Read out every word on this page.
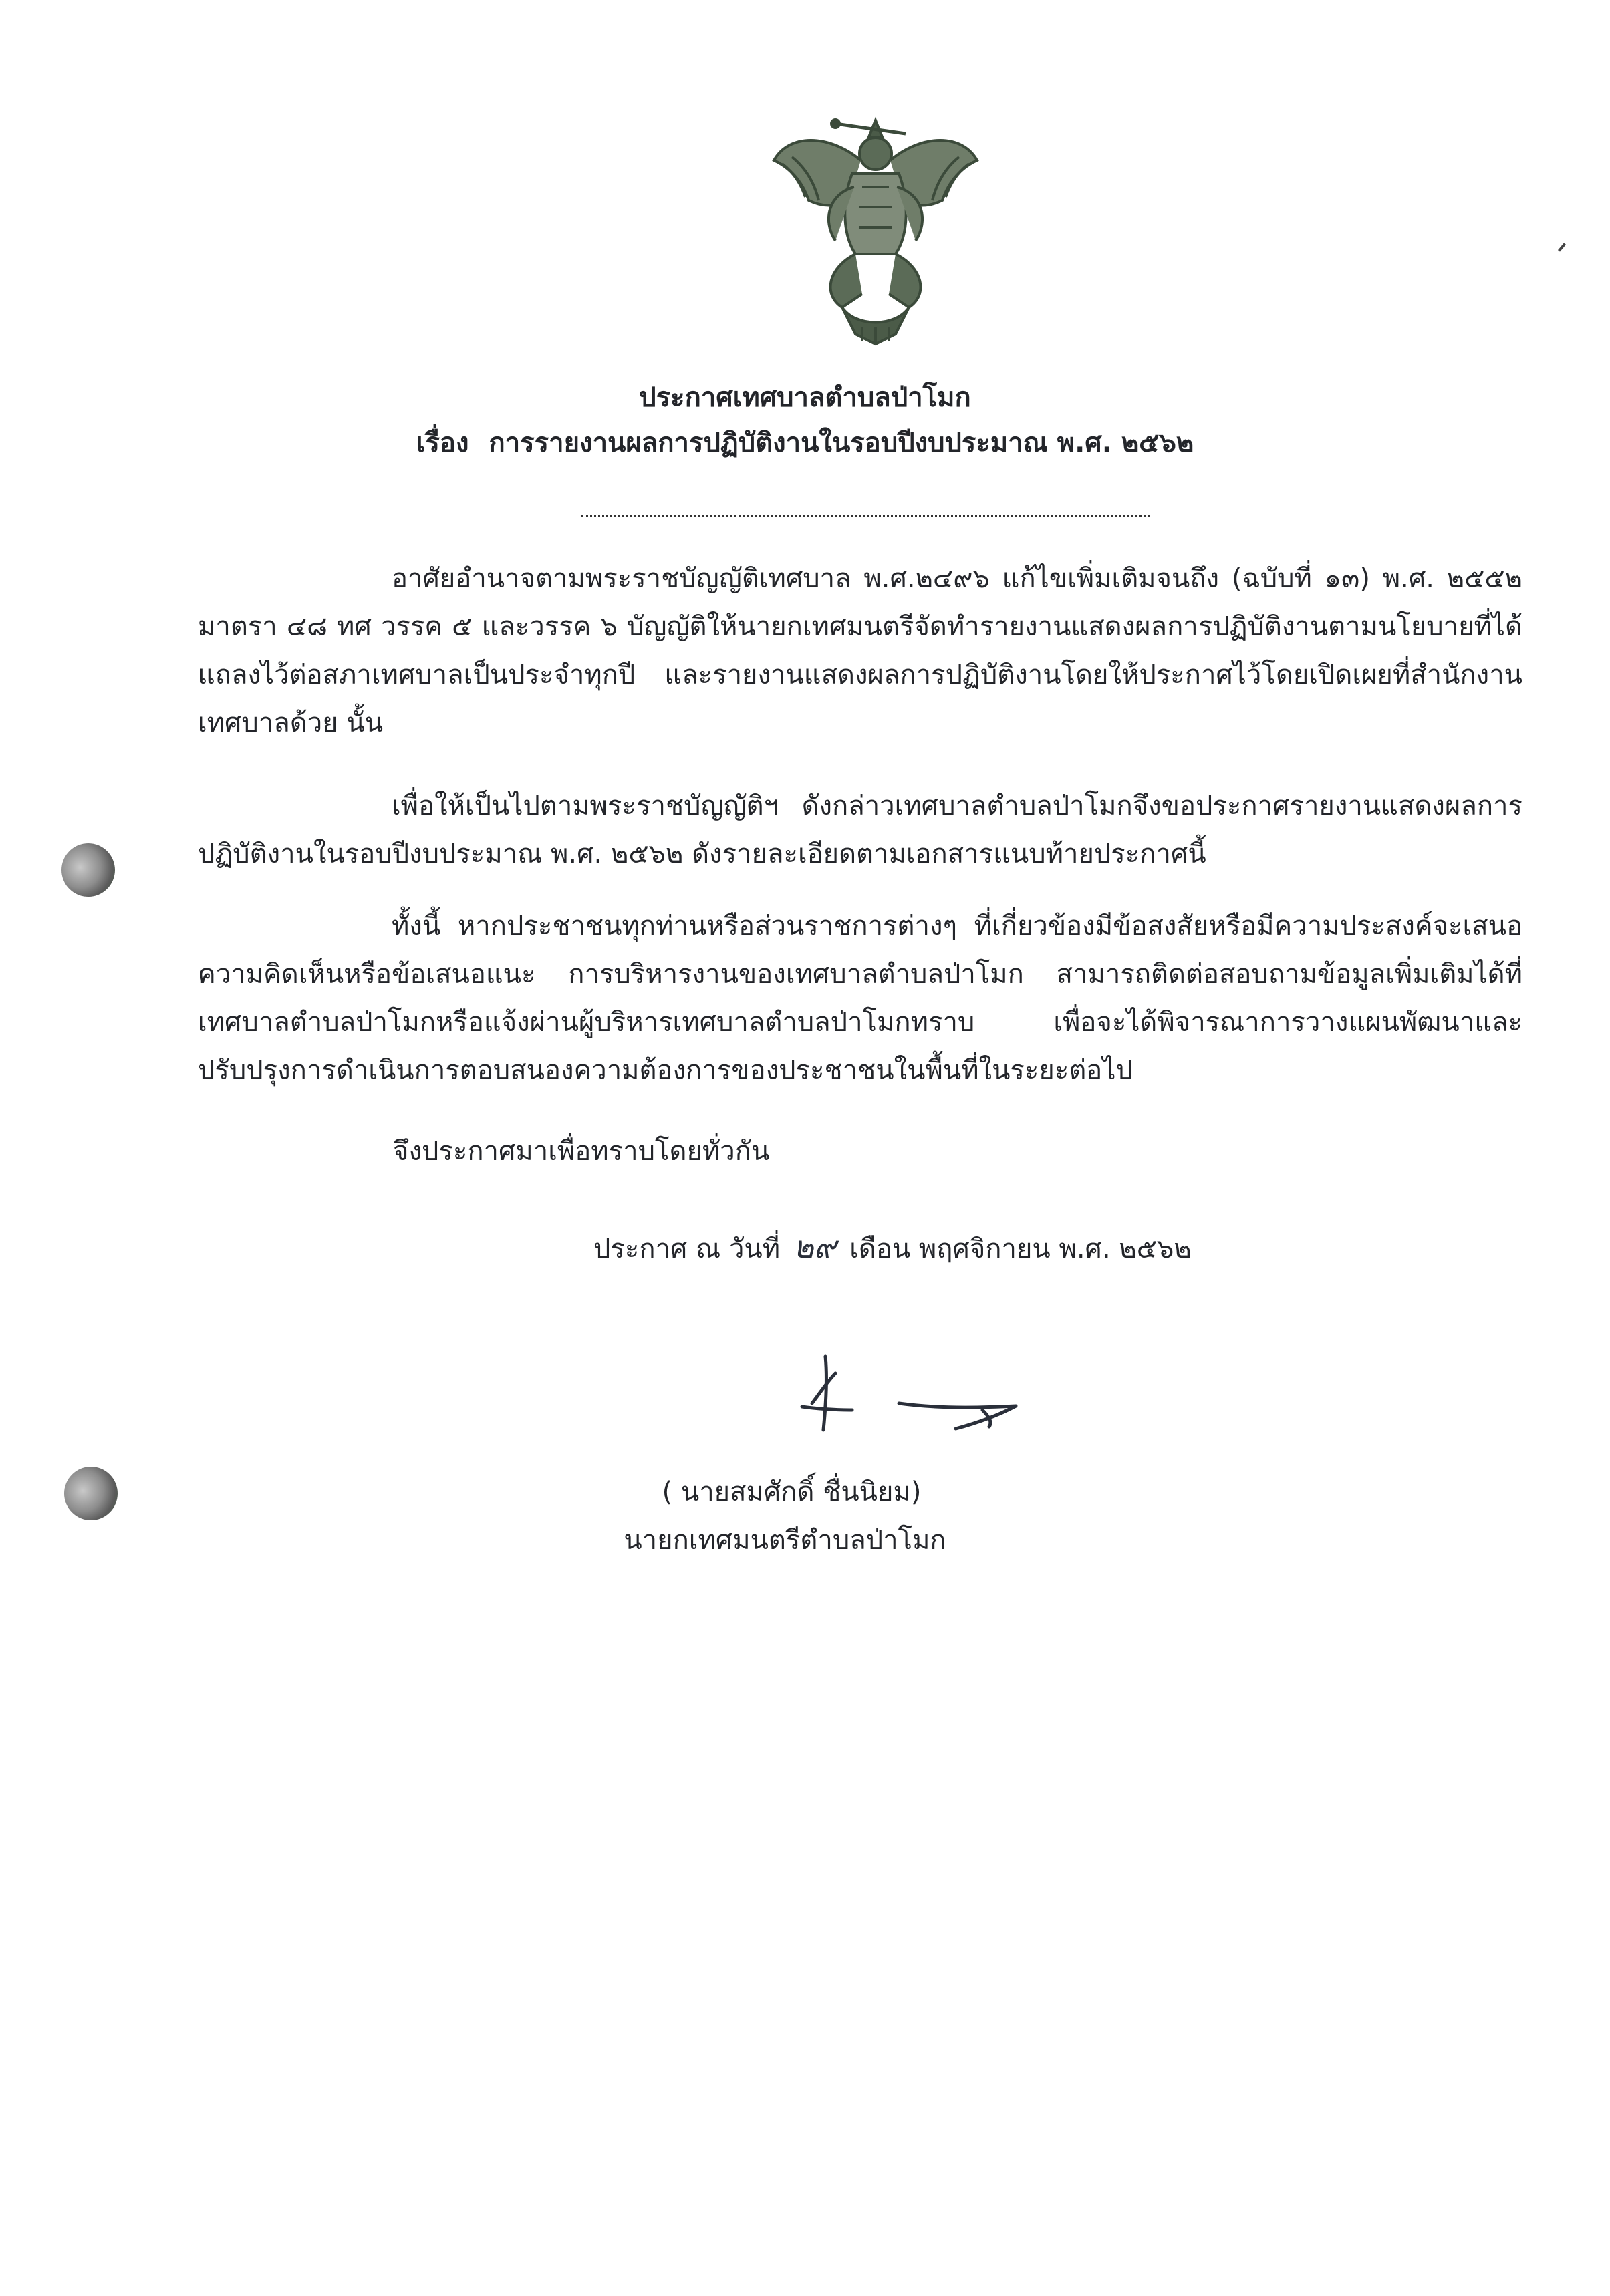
ประกาศเทศบาลตำบลป่าโมก
เรื่อง การรายงานผลการปฏิบัติงานในรอบปีงบประมาณ พ.ศ. ๒๕๖๒
อาศัยอำนาจตามพระราชบัญญัติเทศบาล พ.ศ.๒๔๙๖ แก้ไขเพิ่มเติมจนถึง (ฉบับที่ ๑๓) พ.ศ. ๒๕๕๒ มาตรา ๔๘ ทศ วรรค ๕ และวรรค ๖ บัญญัติให้นายกเทศมนตรีจัดทำรายงานแสดงผลการปฏิบัติงานตามนโยบายที่ได้แถลงไว้ต่อสภาเทศบาลเป็นประจำทุกปี และรายงานแสดงผลการปฏิบัติงานโดยให้ประกาศไว้โดยเปิดเผยที่สำนักงานเทศบาลด้วย นั้น
เพื่อให้เป็นไปตามพระราชบัญญัติฯ ดังกล่าวเทศบาลตำบลป่าโมกจึงขอประกาศรายงานแสดงผลการปฏิบัติงานในรอบปีงบประมาณ พ.ศ. ๒๕๖๒ ดังรายละเอียดตามเอกสารแนบท้ายประกาศนี้
ทั้งนี้ หากประชาชนทุกท่านหรือส่วนราชการต่างๆ ที่เกี่ยวข้องมีข้อสงสัยหรือมีความประสงค์จะเสนอความคิดเห็นหรือข้อเสนอแนะ การบริหารงานของเทศบาลตำบลป่าโมก สามารถติดต่อสอบถามข้อมูลเพิ่มเติมได้ที่เทศบาลตำบลป่าโมกหรือแจ้งผ่านผู้บริหารเทศบาลตำบลป่าโมกทราบ เพื่อจะได้พิจารณาการวางแผนพัฒนาและปรับปรุงการดำเนินการตอบสนองความต้องการของประชาชนในพื้นที่ในระยะต่อไป
จึงประกาศมาเพื่อทราบโดยทั่วกัน
ประกาศ ณ วันที่ ๒๙ เดือน พฤศจิกายน พ.ศ. ๒๕๖๒
( นายสมศักดิ์ ชื่นนิยม)
นายกเทศมนตรีตำบลป่าโมก
